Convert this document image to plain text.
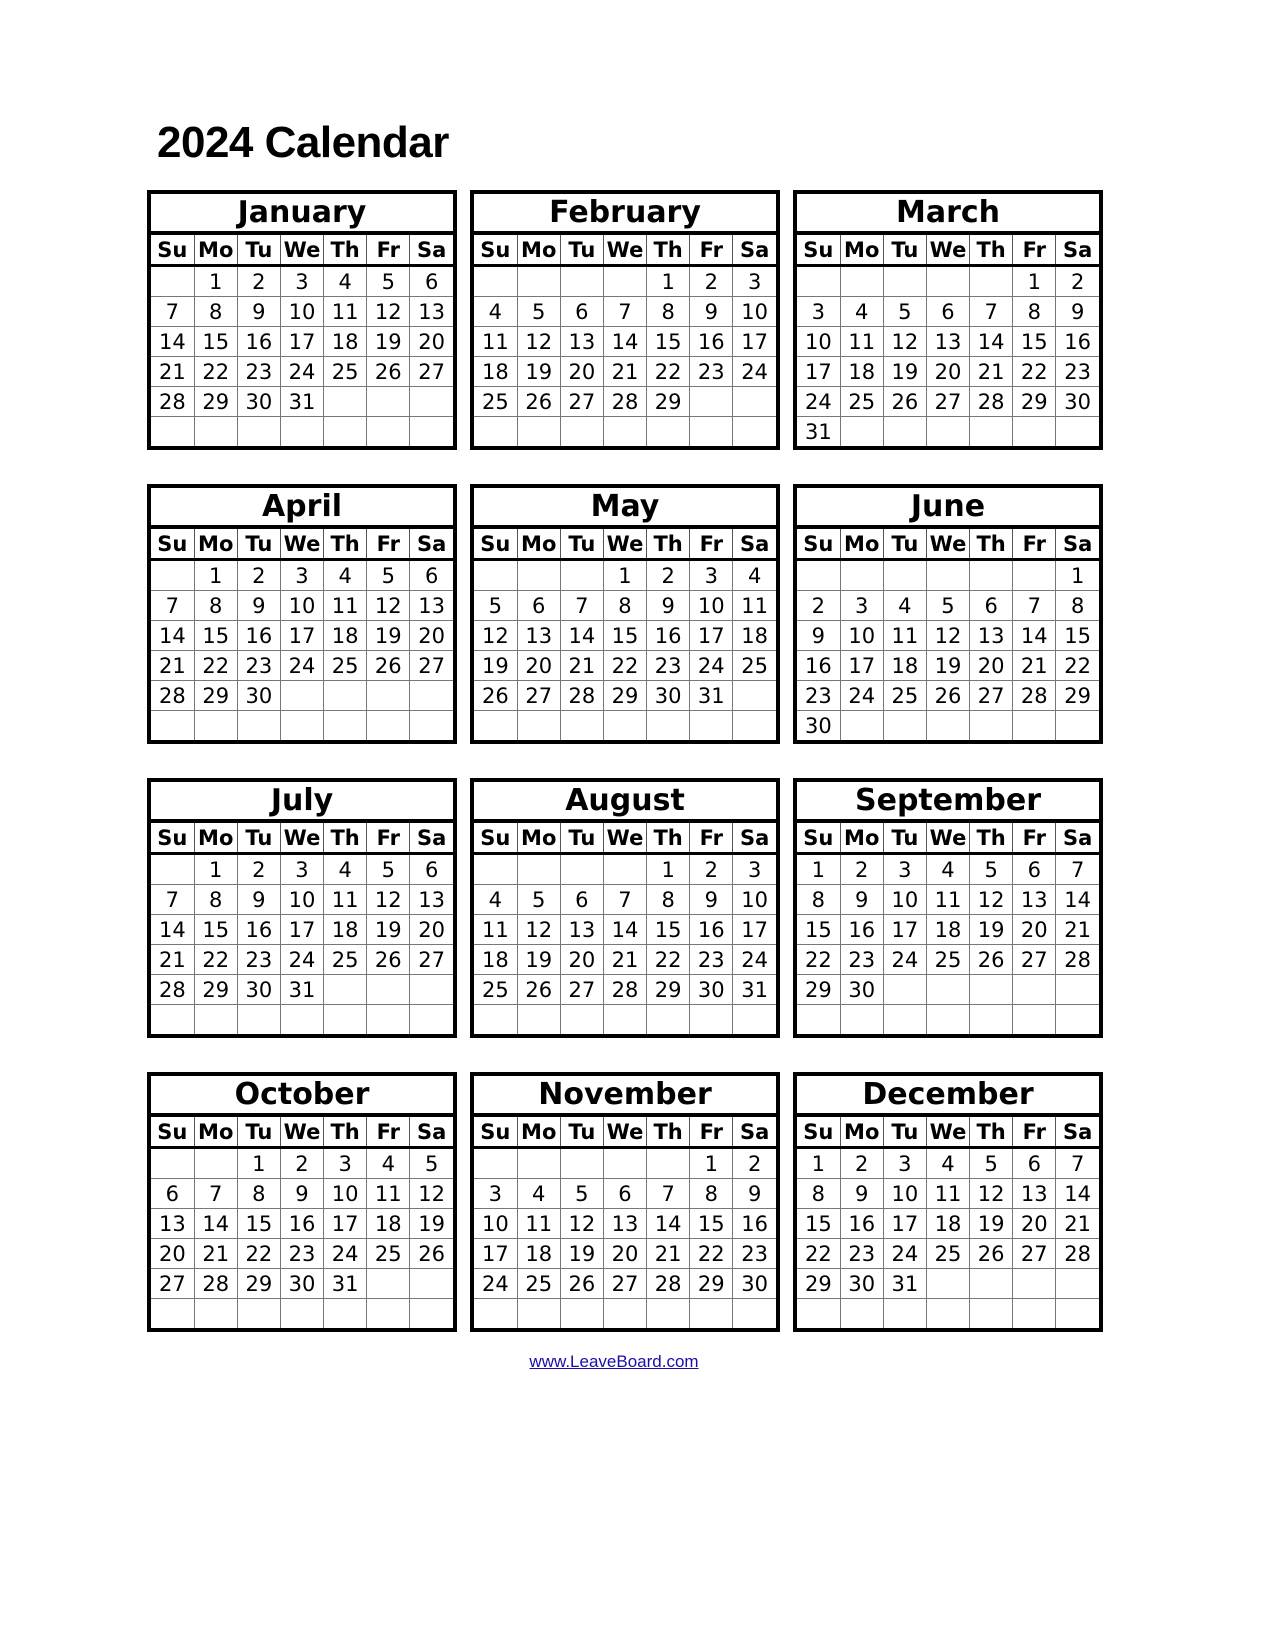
2024 Calendar
January						
Su	Mo	Tu	We	Th	Fr	Sa
	1	2	3	4	5	6
7	8	9	10	11	12	13
14	15	16	17	18	19	20
21	22	23	24	25	26	27
28	29	30	31			

February						
Su	Mo	Tu	We	Th	Fr	Sa
				1	2	3
4	5	6	7	8	9	10
11	12	13	14	15	16	17
18	19	20	21	22	23	24
25	26	27	28	29		

March						
Su	Mo	Tu	We	Th	Fr	Sa
					1	2
3	4	5	6	7	8	9
10	11	12	13	14	15	16
17	18	19	20	21	22	23
24	25	26	27	28	29	30
31						
April						
Su	Mo	Tu	We	Th	Fr	Sa
	1	2	3	4	5	6
7	8	9	10	11	12	13
14	15	16	17	18	19	20
21	22	23	24	25	26	27
28	29	30				

May						
Su	Mo	Tu	We	Th	Fr	Sa
			1	2	3	4
5	6	7	8	9	10	11
12	13	14	15	16	17	18
19	20	21	22	23	24	25
26	27	28	29	30	31	

June						
Su	Mo	Tu	We	Th	Fr	Sa
						1
2	3	4	5	6	7	8
9	10	11	12	13	14	15
16	17	18	19	20	21	22
23	24	25	26	27	28	29
30						
July						
Su	Mo	Tu	We	Th	Fr	Sa
	1	2	3	4	5	6
7	8	9	10	11	12	13
14	15	16	17	18	19	20
21	22	23	24	25	26	27
28	29	30	31			

August						
Su	Mo	Tu	We	Th	Fr	Sa
				1	2	3
4	5	6	7	8	9	10
11	12	13	14	15	16	17
18	19	20	21	22	23	24
25	26	27	28	29	30	31

September						
Su	Mo	Tu	We	Th	Fr	Sa
1	2	3	4	5	6	7
8	9	10	11	12	13	14
15	16	17	18	19	20	21
22	23	24	25	26	27	28
29	30					

October						
Su	Mo	Tu	We	Th	Fr	Sa
		1	2	3	4	5
6	7	8	9	10	11	12
13	14	15	16	17	18	19
20	21	22	23	24	25	26
27	28	29	30	31		

November						
Su	Mo	Tu	We	Th	Fr	Sa
					1	2
3	4	5	6	7	8	9
10	11	12	13	14	15	16
17	18	19	20	21	22	23
24	25	26	27	28	29	30

December						
Su	Mo	Tu	We	Th	Fr	Sa
1	2	3	4	5	6	7
8	9	10	11	12	13	14
15	16	17	18	19	20	21
22	23	24	25	26	27	28
29	30	31				

www.LeaveBoard.com
